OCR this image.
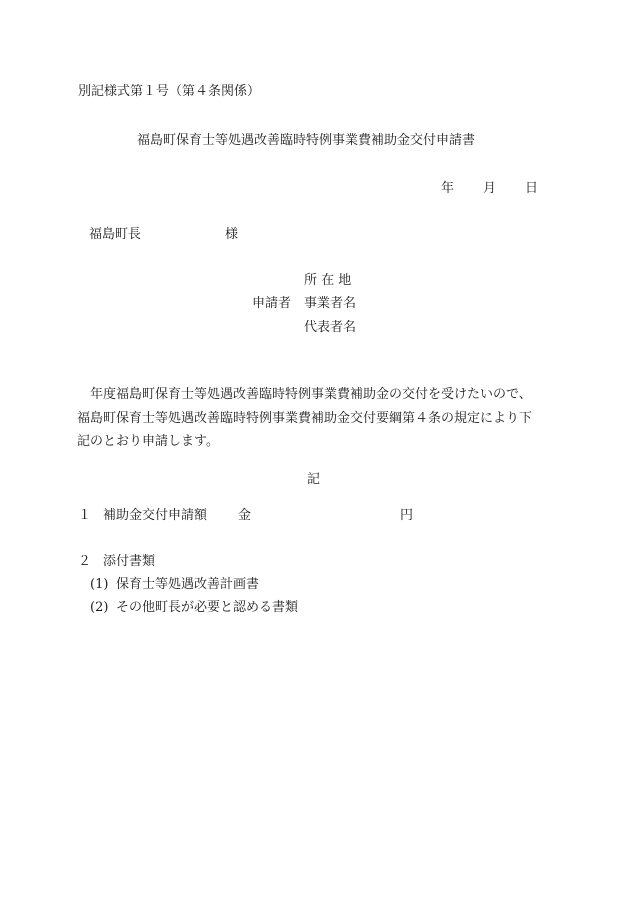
別記様式第１号（第４条関係）
福島町保育士等処遇改善臨時特例事業費補助金交付申請書
年 月 日
福島町長	様
所 在 地
申請者 事業者名
代表者名
　年度福島町保育士等処遇改善臨時特例事業費補助金の交付を受けたいので、
福島町保育士等処遇改善臨時特例事業費補助金交付要綱第４条の規定により下
記のとおり申請します。
記
１ 補助金交付申請額 金	円
２ 添付書類
(1) 保育士等処遇改善計画書
(2) その他町長が必要と認める書類
